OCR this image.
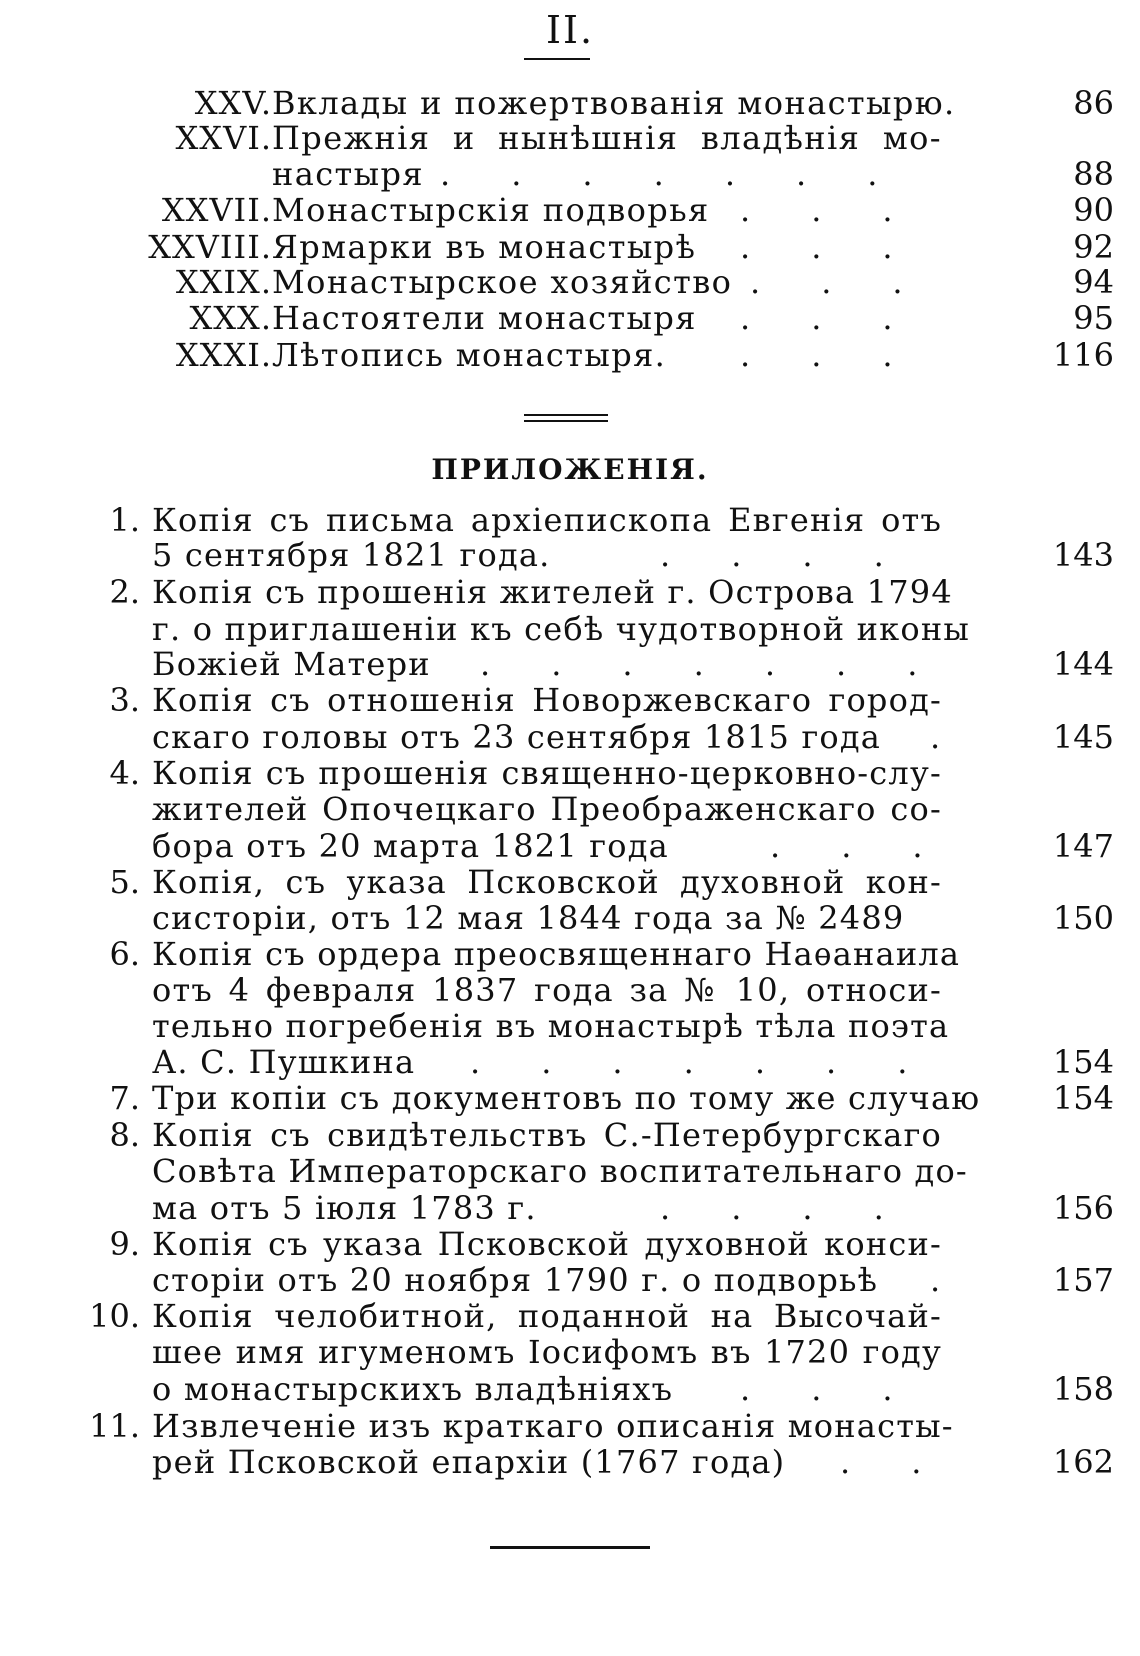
II.
XXV. Вклады и пожертвованія монастырю.	86
XXVI. Прежнія и нынѣшнія владѣнія мо-
настыря .      .      .      .      .      .      .	88
XXVII. Монастырскія подворья .      .      .	90
XXVIII. Ярмарки въ монастырѣ	.      .      .	92
XXIX. Монастырское хозяйство .      .      .	94
XXX. Настоятели монастыря	.      .      .	95
XXXI. Лѣтопись монастыря.	.      .      .	116
ПРИЛОЖЕНІЯ.
1. Копія съ письма архіепископа Евгенія отъ
5 сентября 1821 года.	.      .      .      .	143
2. Копія съ прошенія жителей г. Острова 1794
г. о приглашеніи къ себѣ чудотворной иконы
Божіей Матери	.      .      .      .      .      .      .	144
3. Копія съ отношенія Новоржевскаго город-
скаго головы отъ 23 сентября 1815 года	.	145
4. Копія съ прошенія священно-церковно-слу-
жителей Опочецкаго Преображенскаго со-
бора отъ 20 марта 1821 года	.      .      .	147
5. Копія, съ указа Псковской духовной кон-
систоріи, отъ 12 мая 1844 года за № 2489	150
6. Копія съ ордера преосвященнаго Наѳанаила
отъ 4 февраля 1837 года за № 10, относи-
тельно погребенія въ монастырѣ тѣла поэта
А. С. Пушкина	.      .      .      .      .      .      .	154
7. Три копіи съ документовъ по тому же случаю 154
8. Копія съ свидѣтельствъ С.-Петербургскаго
Совѣта Императорскаго воспитательнаго до-
ма отъ 5 іюля 1783 г.	.      .      .      .	156
9. Копія съ указа Псковской духовной конси-
сторіи отъ 20 ноября 1790 г. о подворьѣ	.	157
10. Копія челобитной, поданной на Высочай-
шее имя игуменомъ Іосифомъ въ 1720 году
о монастырскихъ владѣніяхъ	.      .      .	158
11. Извлеченіе изъ краткаго описанія монасты-
рей Псковской епархіи (1767 года)	.      .	162
